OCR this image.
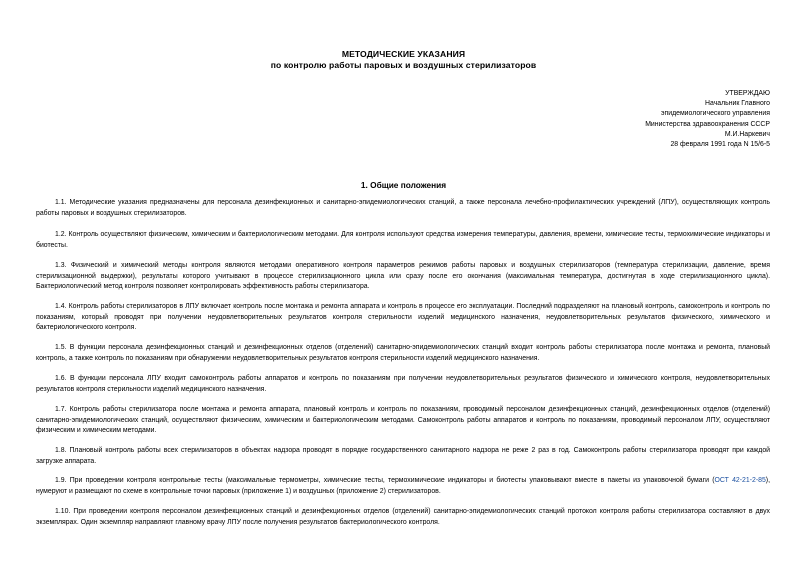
МЕТОДИЧЕСКИЕ УКАЗАНИЯ
по контролю работы паровых и воздушных стерилизаторов
УТВЕРЖДАЮ
Начальник Главного
эпидемиологического управления
Министерства здравоохранения СССР
М.И.Наркевич
28 февраля 1991 года N 15/6-5
1. Общие положения

1.1. Методические указания предназначены для персонала дезинфекционных и санитарно-эпидемиологических станций, а также персонала лечебно-профилактических учреждений (ЛПУ), осуществляющих контроль работы паровых и воздушных стерилизаторов.

1.2. Контроль осуществляют физическим, химическим и бактериологическим методами. Для контроля используют средства измерения температуры, давления, времени, химические тесты, термохимические индикаторы и биотесты.

1.3. Физический и химический методы контроля являются методами оперативного контроля параметров режимов работы паровых и воздушных стерилизаторов (температура стерилизации, давление, время стерилизационной выдержки), результаты которого учитывают в процессе стерилизационного цикла или сразу после его окончания (максимальная температура, достигнутая в ходе стерилизационного цикла). Бактериологический метод контроля позволяет контролировать эффективность работы стерилизатора.

1.4. Контроль работы стерилизаторов в ЛПУ включает контроль после монтажа и ремонта аппарата и контроль в процессе его эксплуатации. Последний подразделяют на плановый контроль, самоконтроль и контроль по показаниям, который проводят при получении неудовлетворительных результатов контроля стерильности изделий медицинского назначения, неудовлетворительных результатов физического, химического и бактериологического контроля.

1.5. В функции персонала дезинфекционных станций и дезинфекционных отделов (отделений) санитарно-эпидемиологических станций входит контроль работы стерилизатора после монтажа и ремонта, плановый контроль, а также контроль по показаниям при обнаружении неудовлетворительных результатов контроля стерильности изделий медицинского назначения.

1.6. В функции персонала ЛПУ входит самоконтроль работы аппаратов и контроль по показаниям при получении неудовлетворительных результатов физического и химического контроля, неудовлетворительных результатов контроля стерильности изделий медицинского назначения.

1.7. Контроль работы стерилизатора после монтажа и ремонта аппарата, плановый контроль и контроль по показаниям, проводимый персоналом дезинфекционных станций, дезинфекционных отделов (отделений) санитарно-эпидемиологических станций, осуществляют физическим, химическим и бактериологическим методами. Самоконтроль работы аппаратов и контроль по показаниям, проводимый персоналом ЛПУ, осуществляют физическим и химическим методами.

1.8. Плановый контроль работы всех стерилизаторов в объектах надзора проводят в порядке государственного санитарного надзора не реже 2 раз в год. Самоконтроль работы стерилизатора проводят при каждой загрузке аппарата.

1.9. При проведении контроля контрольные тесты (максимальные термометры, химические тесты, термохимические индикаторы и биотесты упаковывают вместе в пакеты из упаковочной бумаги (ОСТ 42-21-2-85), нумеруют и размещают по схеме в контрольные точки паровых (приложение 1) и воздушных (приложение 2) стерилизаторов.

1.10. При проведении контроля персоналом дезинфекционных станций и дезинфекционных отделов (отделений) санитарно-эпидемиологических станций протокол контроля работы стерилизатора составляют в двух экземплярах. Один экземпляр направляют главному врачу ЛПУ после получения результатов бактериологического контроля.
